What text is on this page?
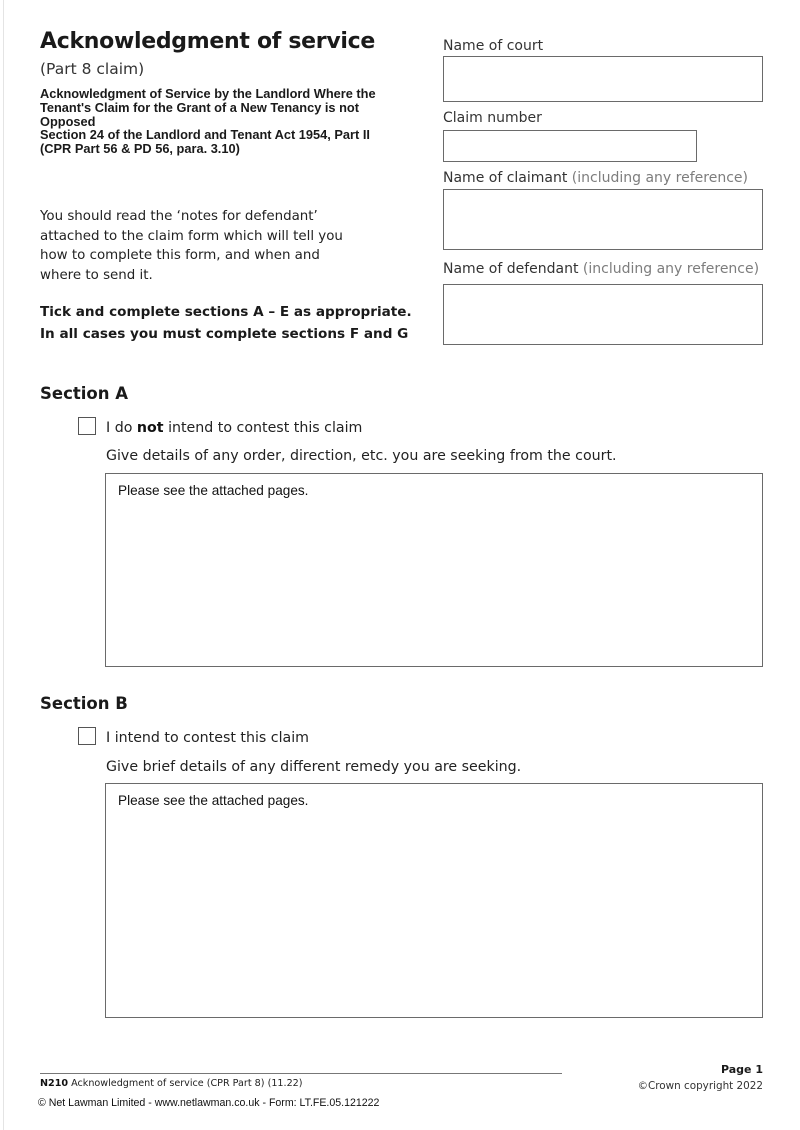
Acknowledgment of service
(Part 8 claim)
Acknowledgment of Service by the Landlord Where the
Tenant's Claim for the Grant of a New Tenancy is not
Opposed
Section 24 of the Landlord and Tenant Act 1954, Part II
(CPR Part 56 & PD 56, para. 3.10)
You should read the ‘notes for defendant’
attached to the claim form which will tell you
how to complete this form, and when and
where to send it.
Tick and complete sections A – E as appropriate.
In all cases you must complete sections F and G
Name of court
Claim number
Name of claimant (including any reference)
Name of defendant (including any reference)
Section A
I do not intend to contest this claim
Give details of any order, direction, etc. you are seeking from the court.
Please see the attached pages.
Section B
I intend to contest this claim
Give brief details of any different remedy you are seeking.
Please see the attached pages.
N210 Acknowledgment of service (CPR Part 8) (11.22)
Page 1
©Crown copyright 2022
© Net Lawman Limited - www.netlawman.co.uk - Form: LT.FE.05.121222
